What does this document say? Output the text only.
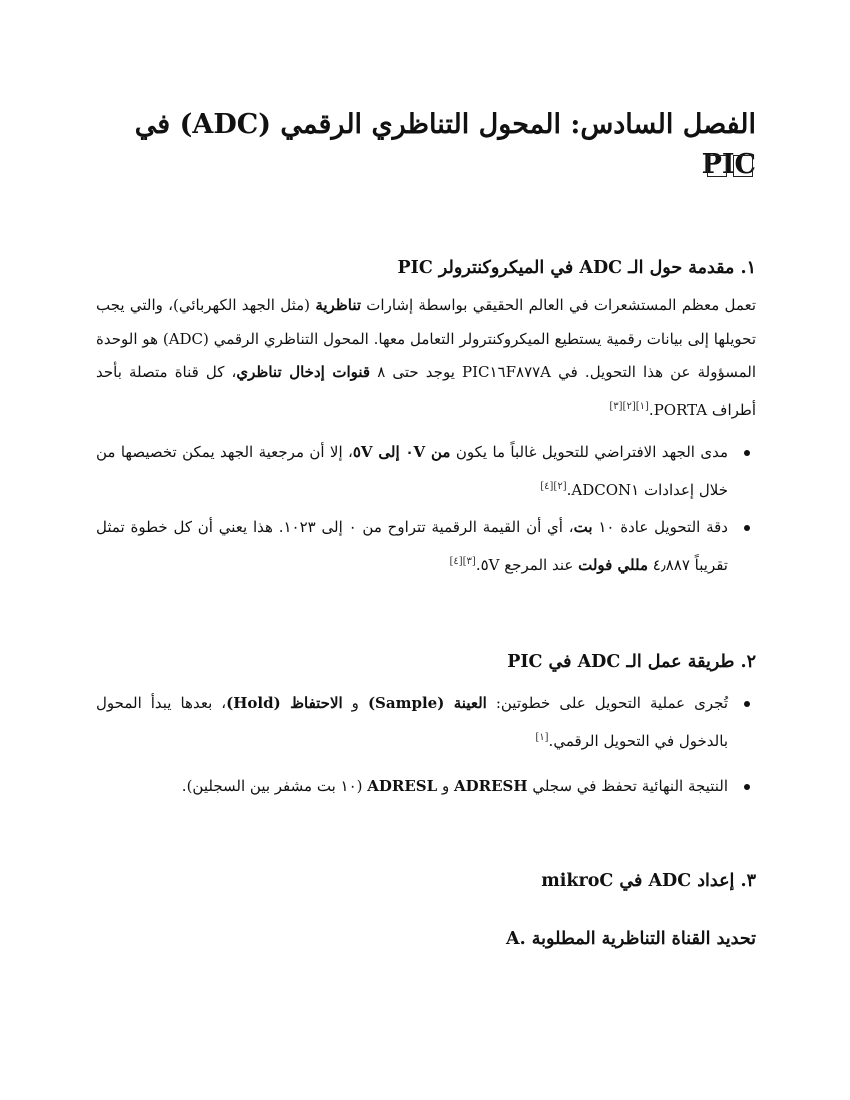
الفصل السادس: المحول التناظري الرقمي (ADC) في PIC
١. مقدمة حول الـ ADC في الميكروكنترولر PIC
تعمل معظم المستشعرات في العالم الحقيقي بواسطة إشارات تناظرية (مثل الجهد الكهربائي)، والتي يجب تحويلها إلى بيانات رقمية يستطيع الميكروكنترولر التعامل معها. المحول التناظري الرقمي (ADC) هو الوحدة المسؤولة عن هذا التحويل. في PIC١٦F٨٧٧A يوجد حتى ٨ قنوات إدخال تناظري، كل قناة متصلة بأحد أطراف PORTA.[١][٢][٣]
مدى الجهد الافتراضي للتحويل غالباً ما يكون من ٠V إلى ٥V، إلا أن مرجعية الجهد يمكن تخصيصها من خلال إعدادات ADCON١.[٢][٤]
دقة التحويل عادة ١٠ بت، أي أن القيمة الرقمية تتراوح من ٠ إلى ١٠٢٣. هذا يعني أن كل خطوة تمثل تقريباً ٤٫٨٨٧ مللي فولت عند المرجع ٥V.[٣][٤]
٢. طريقة عمل الـ ADC في PIC
تُجرى عملية التحويل على خطوتين: العينة (Sample) و الاحتفاظ (Hold)، بعدها يبدأ المحول بالدخول في التحويل الرقمي.[١]
النتيجة النهائية تحفظ في سجلي ADRESH و ADRESL (١٠ بت مشفر بين السجلين).
٣. إعداد ADC في mikroC
A. تحديد القناة التناظرية المطلوبة
